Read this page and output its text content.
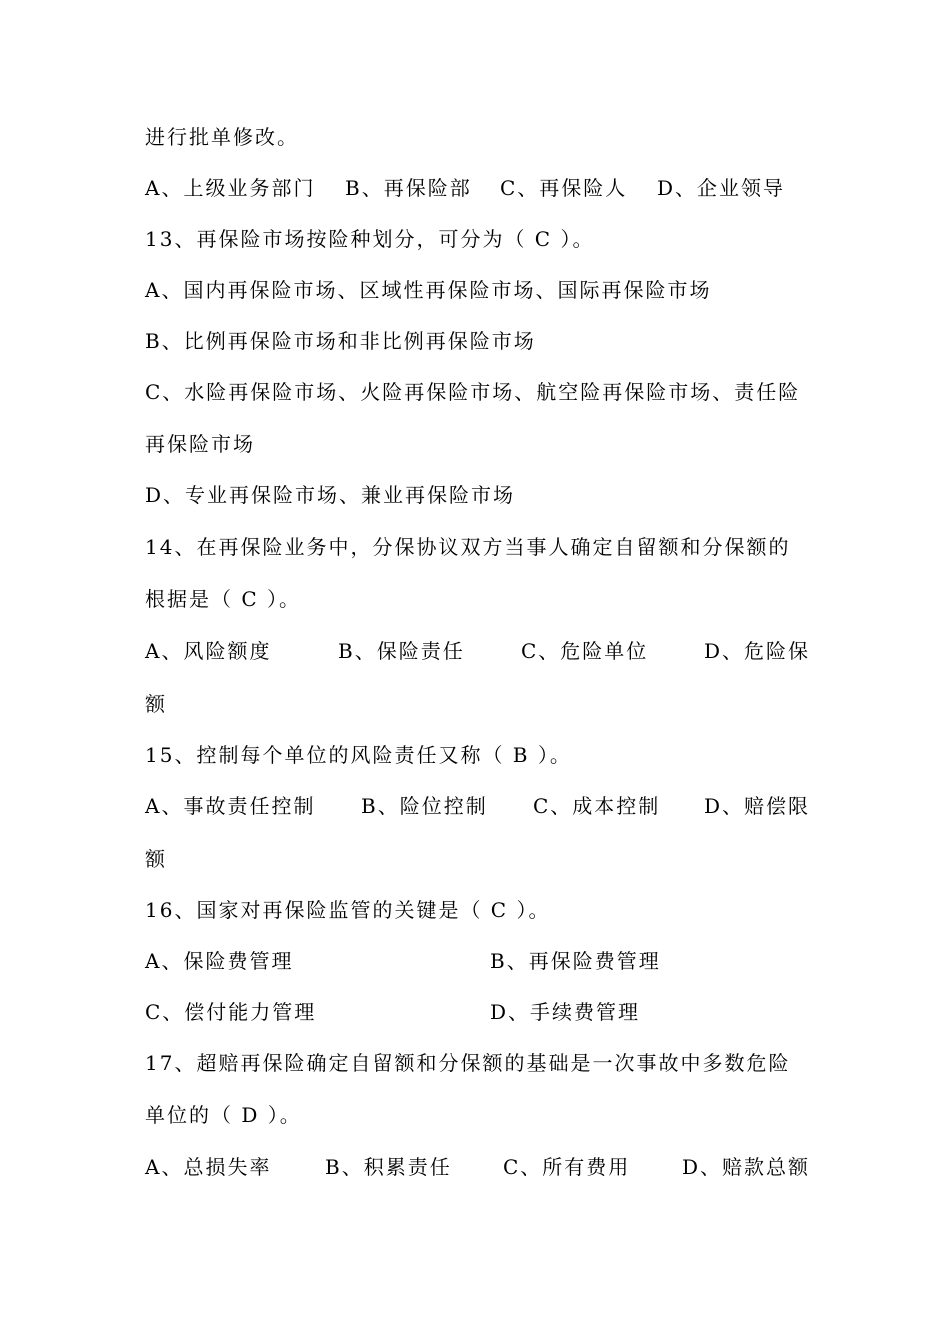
进行批单修改。
A、上级业务部门 B、再保险部 C、再保险人 D、企业领导
13、再保险市场按险种划分，可分为（ C ）。
A、国内再保险市场、区域性再保险市场、国际再保险市场
B、比例再保险市场和非比例再保险市场
C、水险再保险市场、火险再保险市场、航空险再保险市场、责任险
再保险市场
D、专业再保险市场、兼业再保险市场
14、在再保险业务中，分保协议双方当事人确定自留额和分保额的
根据是（ C ）。
A、风险额度	B、保险责任	C、危险单位	D、危险保
额
15、控制每个单位的风险责任又称（ B ）。
A、事故责任控制 B、险位控制 C、成本控制 D、赔偿限
额
16、国家对再保险监管的关键是（ C ）。
A、保险费管理	B、再保险费管理
C、偿付能力管理	D、手续费管理
17、超赔再保险确定自留额和分保额的基础是一次事故中多数危险
单位的（ D ）。
A、总损失率	B、积累责任	C、所有费用	D、赔款总额
